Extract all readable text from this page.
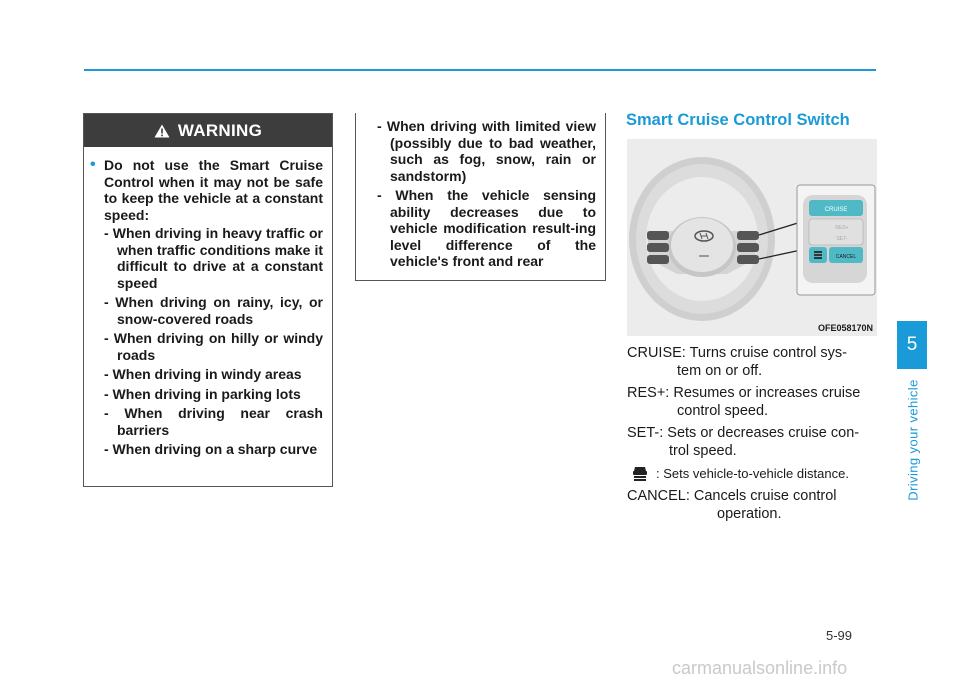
WARNING
• Do not use the Smart Cruise Control when it may not be safe to keep the vehicle at a constant speed:
- When driving in heavy traffic or when traffic conditions make it difficult to drive at a constant speed
- When driving on rainy, icy, or snow-covered roads
- When driving on hilly or windy roads
- When driving in windy areas
- When driving in parking lots
- When driving near crash barriers
- When driving on a sharp curve
- When driving with limited view (possibly due to bad weather, such as fog, snow, rain or sandstorm)
- When the vehicle sensing ability decreases due to vehicle modification result-ing level difference of the vehicle's front and rear
Smart Cruise Control Switch
CRUISE
RES+
SET-
CANCEL
OFE058170N
CRUISE: Turns cruise control sys-
tem on or off.
RES+: Resumes or increases cruise
control speed.
SET-: Sets or decreases cruise con-
trol speed.
: Sets vehicle-to-vehicle distance.
CANCEL: Cancels cruise control
operation.
5
Driving your vehicle
5-99
carmanualsonline.info
